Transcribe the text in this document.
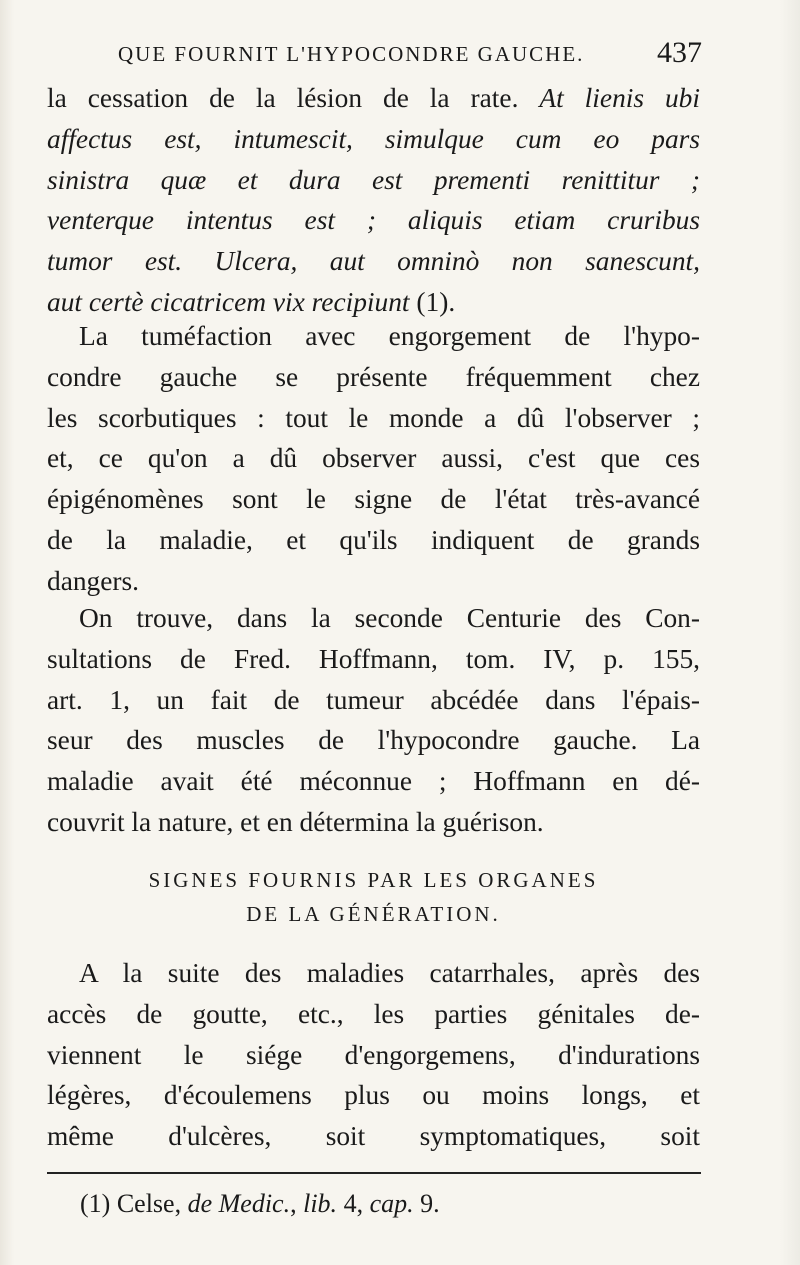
QUE FOURNIT L'HYPOCONDRE GAUCHE. 437
la cessation de la lésion de la rate. At lienis ubi
affectus est, intumescit, simulque cum eo pars
sinistra quæ et dura est prementi renittitur ;
venterque intentus est ; aliquis etiam cruribus
tumor est. Ulcera, aut omninò non sanescunt,
aut certè cicatricem vix recipiunt (1).
La tuméfaction avec engorgement de l'hypo-
condre gauche se présente fréquemment chez
les scorbutiques : tout le monde a dû l'observer ;
et, ce qu'on a dû observer aussi, c'est que ces
épigénomènes sont le signe de l'état très-avancé
de la maladie, et qu'ils indiquent de grands
dangers.
On trouve, dans la seconde Centurie des Con-
sultations de Fred. Hoffmann, tom. IV, p. 155,
art. 1, un fait de tumeur abcédée dans l'épais-
seur des muscles de l'hypocondre gauche. La
maladie avait été méconnue ; Hoffmann en dé-
couvrit la nature, et en détermina la guérison.
SIGNES FOURNIS PAR LES ORGANES
DE LA GÉNÉRATION.
A la suite des maladies catarrhales, après des
accès de goutte, etc., les parties génitales de-
viennent le siége d'engorgemens, d'indurations
légères, d'écoulemens plus ou moins longs, et
même d'ulcères, soit symptomatiques, soit
(1) Celse, de Medic., lib. 4, cap. 9.
